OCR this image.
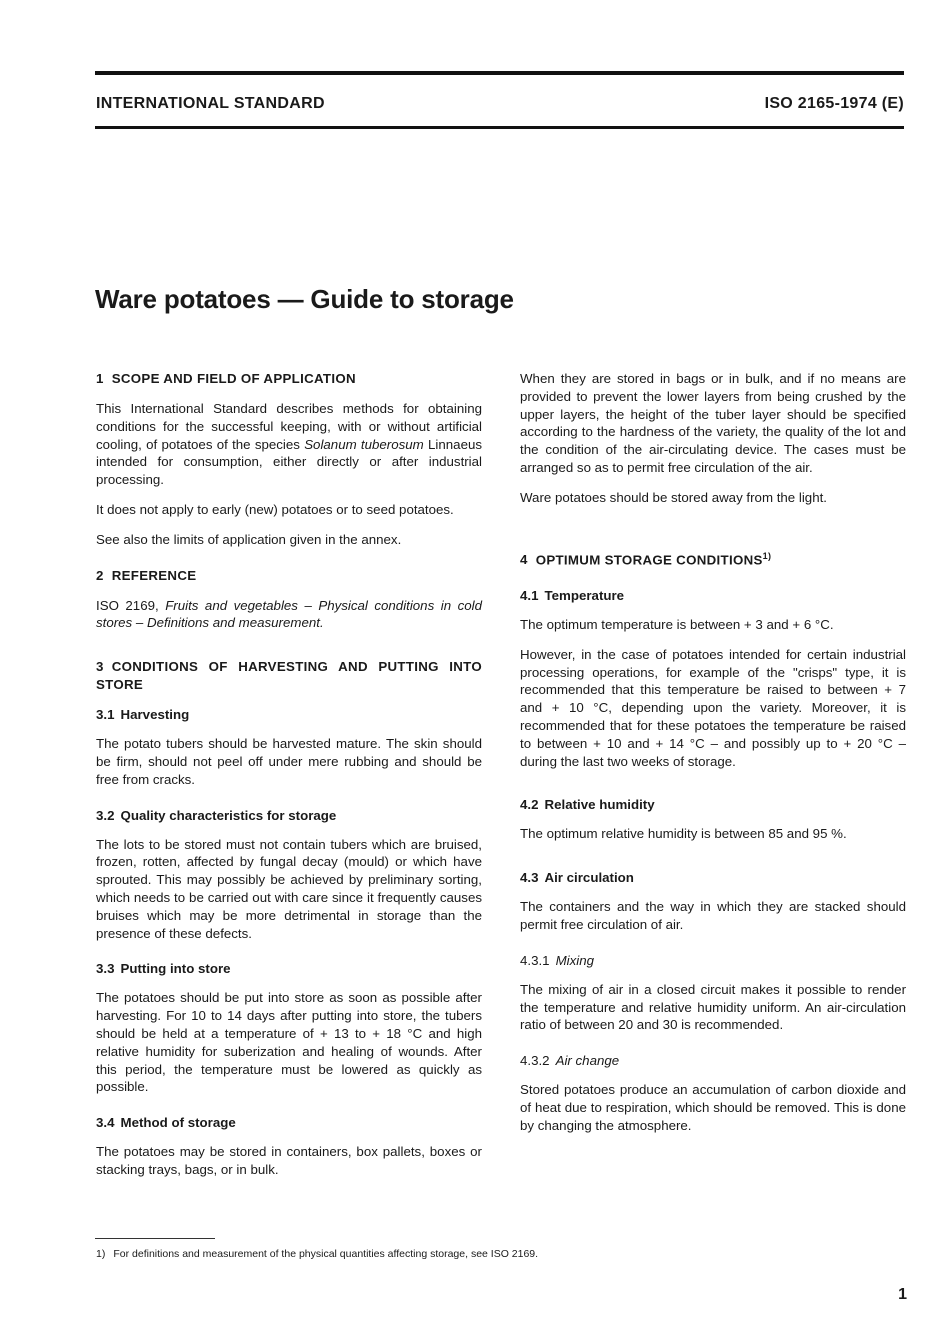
INTERNATIONAL STANDARD	ISO 2165-1974 (E)
Ware potatoes — Guide to storage
1 SCOPE AND FIELD OF APPLICATION

This International Standard describes methods for obtaining conditions for the successful keeping, with or without artificial cooling, of potatoes of the species Solanum tuberosum Linnaeus intended for consumption, either directly or after industrial processing.

It does not apply to early (new) potatoes or to seed potatoes.

See also the limits of application given in the annex.

2 REFERENCE

ISO 2169, Fruits and vegetables – Physical conditions in cold stores – Definitions and measurement.

3 CONDITIONS OF HARVESTING AND PUTTING INTO STORE
3.1 Harvesting

The potato tubers should be harvested mature. The skin should be firm, should not peel off under mere rubbing and should be free from cracks.

3.2 Quality characteristics for storage

The lots to be stored must not contain tubers which are bruised, frozen, rotten, affected by fungal decay (mould) or which have sprouted. This may possibly be achieved by preliminary sorting, which needs to be carried out with care since it frequently causes bruises which may be more detrimental in storage than the presence of these defects.

3.3 Putting into store

The potatoes should be put into store as soon as possible after harvesting. For 10 to 14 days after putting into store, the tubers should be held at a temperature of + 13 to + 18 °C and high relative humidity for suberization and healing of wounds. After this period, the temperature must be lowered as quickly as possible.

3.4 Method of storage

The potatoes may be stored in containers, box pallets, boxes or stacking trays, bags, or in bulk.

When they are stored in bags or in bulk, and if no means are provided to prevent the lower layers from being crushed by the upper layers, the height of the tuber layer should be specified according to the hardness of the variety, the quality of the lot and the condition of the air-circulating device. The cases must be arranged so as to permit free circulation of the air.

Ware potatoes should be stored away from the light.

4 OPTIMUM STORAGE CONDITIONS$^{1)}$
4.1 Temperature

The optimum temperature is between + 3 and + 6 °C.

However, in the case of potatoes intended for certain industrial processing operations, for example of the "crisps" type, it is recommended that this temperature be raised to between + 7 and + 10 °C, depending upon the variety. Moreover, it is recommended that for these potatoes the temperature be raised to between + 10 and + 14 °C – and possibly up to + 20 °C – during the last two weeks of storage.

4.2 Relative humidity

The optimum relative humidity is between 85 and 95 %.

4.3 Air circulation

The containers and the way in which they are stacked should permit free circulation of air.

4.3.1 Mixing

The mixing of air in a closed circuit makes it possible to render the temperature and relative humidity uniform. An air-circulation ratio of between 20 and 30 is recommended.

4.3.2 Air change

Stored potatoes produce an accumulation of carbon dioxide and of heat due to respiration, which should be removed. This is done by changing the atmosphere.

1) For definitions and measurement of the physical quantities affecting storage, see ISO 2169.
1
